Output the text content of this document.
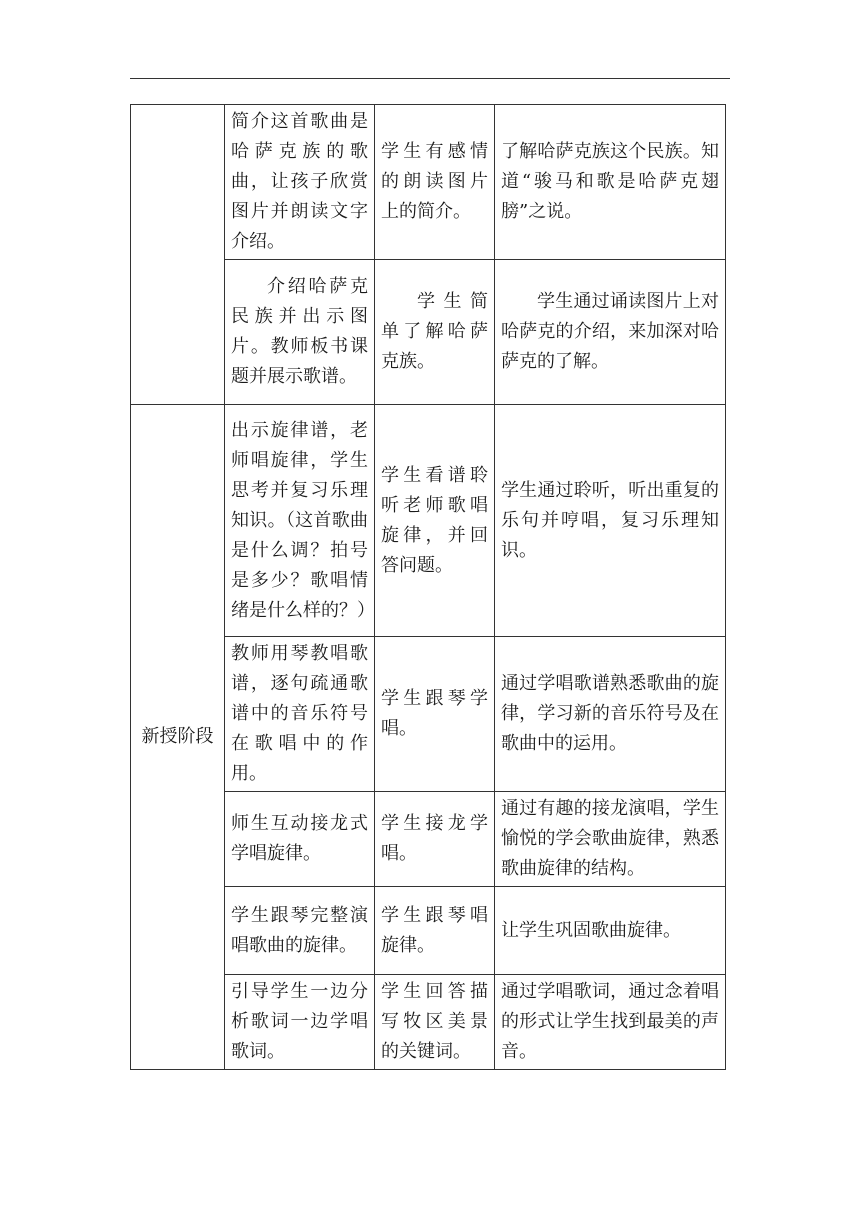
	简介这首歌曲是哈萨克族的歌曲，让孩子欣赏图片并朗读文字介绍。	学生有感情的朗读图片上的简介。	了解哈萨克族这个民族。知道“骏马和歌是哈萨克翅膀”之说。
	介绍哈萨克民族并出示图片。教师板书课题并展示歌谱。	学生简单了解哈萨克族。	学生通过诵读图片上对哈萨克的介绍，来加深对哈萨克的了解。
新授阶段	出示旋律谱，老师唱旋律，学生思考并复习乐理知识。（这首歌曲是什么调？拍号是多少？歌唱情绪是什么样的？）	学生看谱聆听老师歌唱旋律，并回答问题。	学生通过聆听，听出重复的乐句并哼唱，复习乐理知识。
	教师用琴教唱歌谱，逐句疏通歌谱中的音乐符号在歌唱中的作用。	学生跟琴学唱。	通过学唱歌谱熟悉歌曲的旋律，学习新的音乐符号及在歌曲中的运用。
	师生互动接龙式学唱旋律。	学生接龙学唱。	通过有趣的接龙演唱，学生愉悦的学会歌曲旋律，熟悉歌曲旋律的结构。
	学生跟琴完整演唱歌曲的旋律。	学生跟琴唱旋律。	让学生巩固歌曲旋律。
	引导学生一边分析歌词一边学唱歌词。	学生回答描写牧区美景的关键词。	通过学唱歌词，通过念着唱的形式让学生找到最美的声音。
